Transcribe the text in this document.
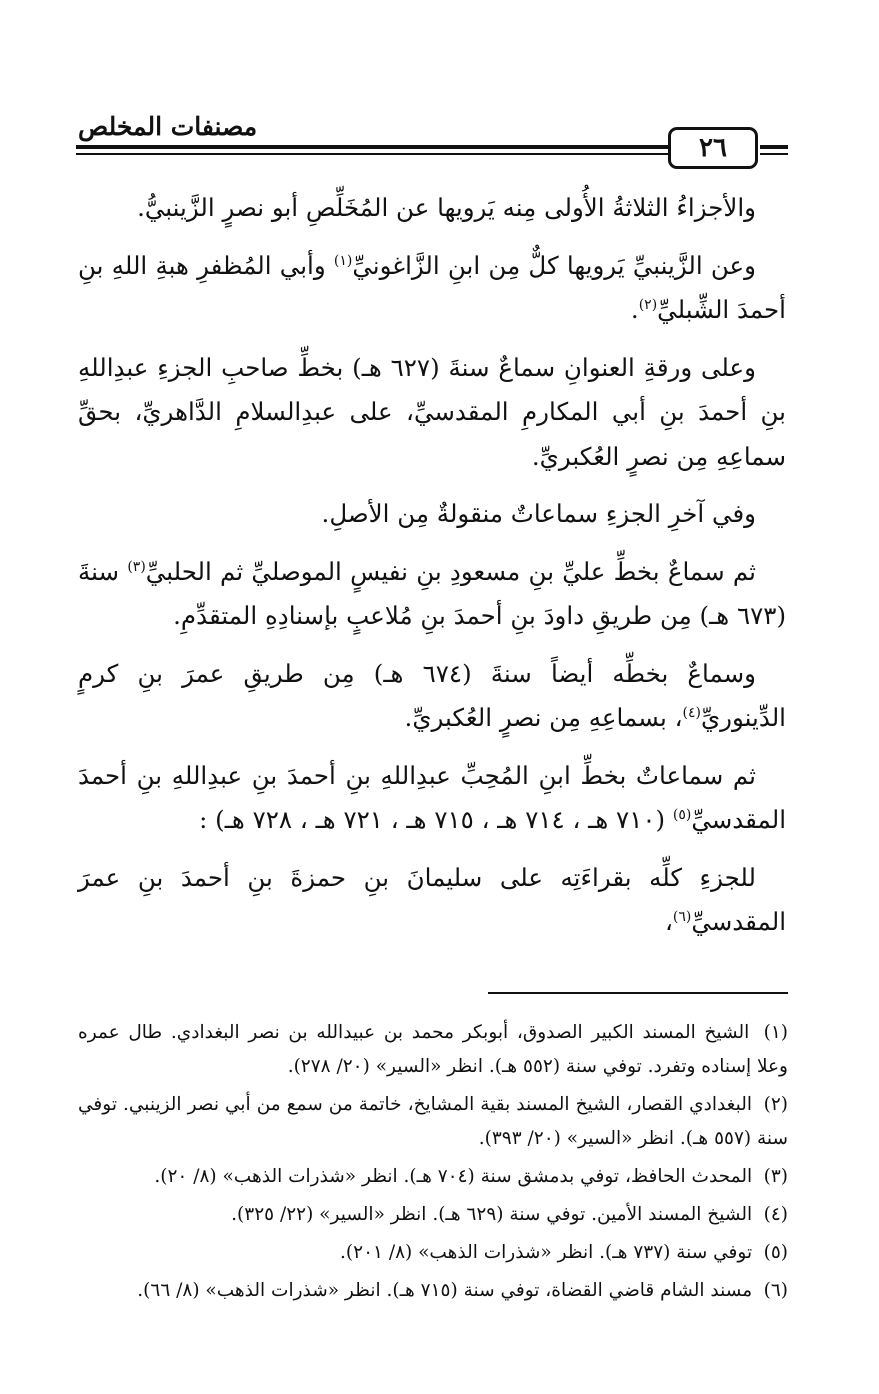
مصنفات المخلص
٢٦

والأجزاءُ الثلاثةُ الأُولى مِنه يَرويها عن المُخَلِّصِ أبو نصرٍ الزَّينبيُّ.

وعن الزَّينبيِّ يَرويها كلٌّ مِن ابنِ الزَّاغونيِّ$^{(١)}$ وأبي المُظفرِ هبةِ اللهِ بنِ أحمدَ الشِّبليِّ$^{(٢)}$.

وعلى ورقةِ العنوانِ سماعٌ سنةَ (٦٢٧ هـ) بخطِّ صاحبِ الجزءِ عبدِاللهِ بنِ أحمدَ بنِ أبي المكارمِ المقدسيِّ، على عبدِالسلامِ الدَّاهريِّ، بحقِّ سماعِهِ مِن نصرٍ العُكبريِّ.

وفي آخرِ الجزءِ سماعاتٌ منقولةٌ مِن الأصلِ.

ثم سماعٌ بخطِّ عليِّ بنِ مسعودِ بنِ نفيسٍ الموصليِّ ثم الحلبيِّ$^{(٣)}$ سنةَ (٦٧٣ هـ) مِن طريقِ داودَ بنِ أحمدَ بنِ مُلاعبٍ بإسنادِهِ المتقدِّمِ.

وسماعٌ بخطِّه أيضاً سنةَ (٦٧٤ هـ) مِن طريقِ عمرَ بنِ كرمٍ الدِّينوريِّ$^{(٤)}$، بسماعِهِ مِن نصرٍ العُكبريِّ.

ثم سماعاتٌ بخطِّ ابنِ المُحِبِّ عبدِاللهِ بنِ أحمدَ بنِ عبدِاللهِ بنِ أحمدَ المقدسيِّ$^{(٥)}$ (٧١٠ هـ ، ٧١٤ هـ ، ٧١٥ هـ ، ٧٢١ هـ ، ٧٢٨ هـ) :

للجزءِ كلِّه بقراءَتِه على سليمانَ بنِ حمزةَ بنِ أحمدَ بنِ عمرَ المقدسيِّ$^{(٦)}$،

(١) الشيخ المسند الكبير الصدوق، أبوبكر محمد بن عبيدالله بن نصر البغدادي. طال عمره وعلا إسناده وتفرد. توفي سنة (٥٥٢ هـ). انظر «السير» (٢٠/ ٢٧٨).
(٢) البغدادي القصار، الشيخ المسند بقية المشايخ، خاتمة من سمع من أبي نصر الزينبي. توفي سنة (٥٥٧ هـ). انظر «السير» (٢٠/ ٣٩٣).
(٣) المحدث الحافظ، توفي بدمشق سنة (٧٠٤ هـ). انظر «شذرات الذهب» (٨/ ٢٠).
(٤) الشيخ المسند الأمين. توفي سنة (٦٢٩ هـ). انظر «السير» (٢٢/ ٣٢٥).
(٥) توفي سنة (٧٣٧ هـ). انظر «شذرات الذهب» (٨/ ٢٠١).
(٦) مسند الشام قاضي القضاة، توفي سنة (٧١٥ هـ). انظر «شذرات الذهب» (٨/ ٦٦).
